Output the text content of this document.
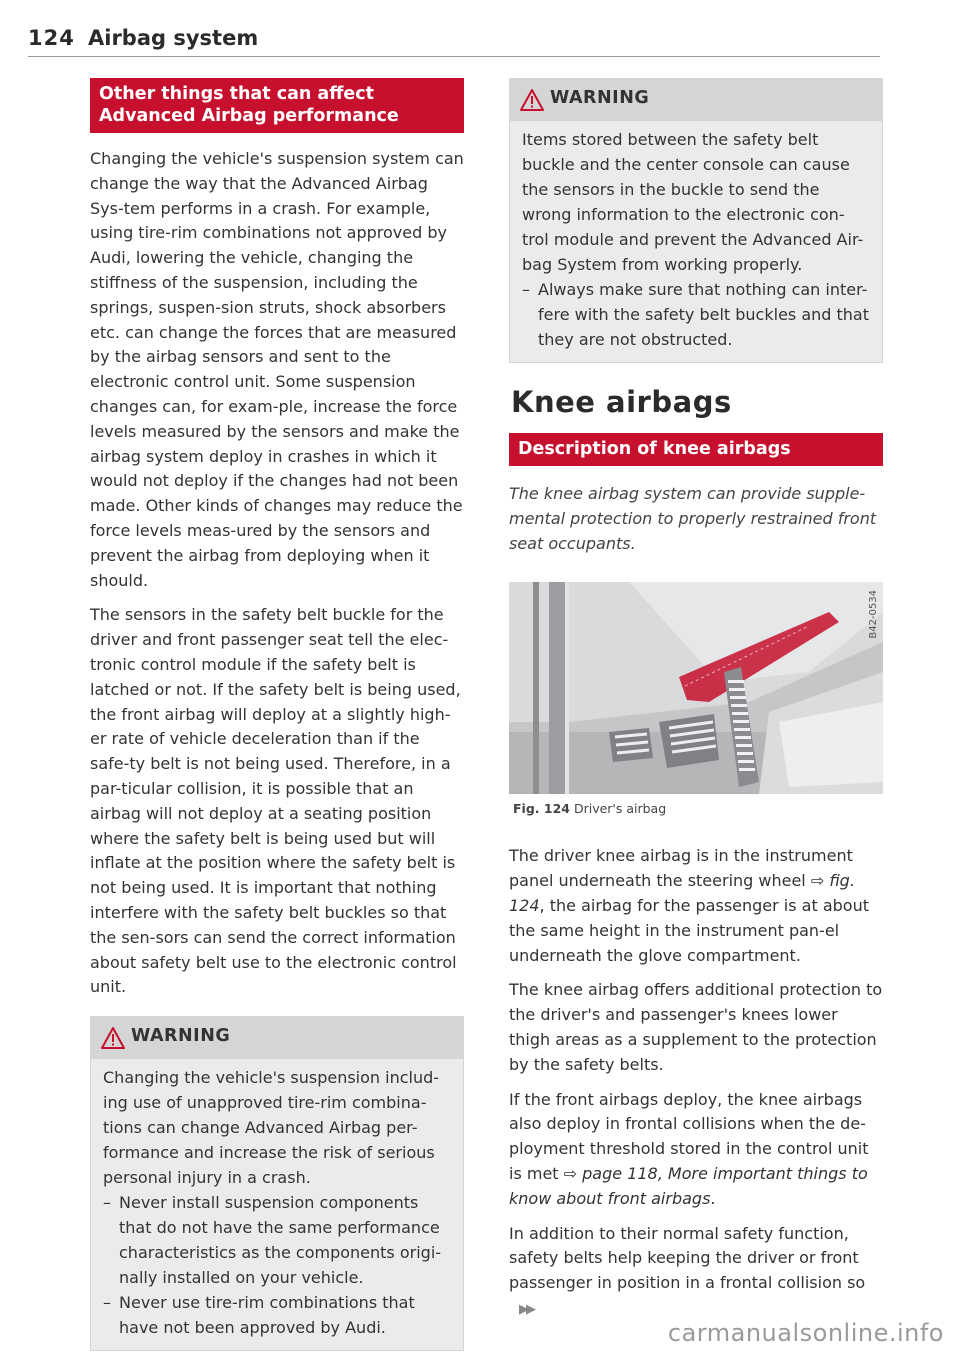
124 Airbag system
Other things that can affect Advanced Airbag performance

Changing the vehicle's suspension system can change the way that the Advanced Airbag Sys-tem performs in a crash. For example, using tire-rim combinations not approved by Audi, lowering the vehicle, changing the stiffness of the suspension, including the springs, suspen-sion struts, shock absorbers etc. can change the forces that are measured by the airbag sensors and sent to the electronic control unit. Some suspension changes can, for exam-ple, increase the force levels measured by the sensors and make the airbag system deploy in crashes in which it would not deploy if the changes had not been made. Other kinds of changes may reduce the force levels meas-ured by the sensors and prevent the airbag from deploying when it should.

The sensors in the safety belt buckle for the driver and front passenger seat tell the elec-tronic control module if the safety belt is latched or not. If the safety belt is being used, the front airbag will deploy at a slightly high-er rate of vehicle deceleration than if the safe-ty belt is not being used. Therefore, in a par-ticular collision, it is possible that an airbag will not deploy at a seating position where the safety belt is being used but will inflate at the position where the safety belt is not being used. It is important that nothing interfere with the safety belt buckles so that the sen-sors can send the correct information about safety belt use to the electronic control unit.

WARNING

Changing the vehicle's suspension includ-ing use of unapproved tire-rim combina-tions can change Advanced Airbag per-formance and increase the risk of serious personal injury in a crash.

– Never install suspension components that do not have the same performance characteristics as the components origi-nally installed on your vehicle.
– Never use tire-rim combinations that have not been approved by Audi.
WARNING

Items stored between the safety belt buckle and the center console can cause the sensors in the buckle to send the wrong information to the electronic con-trol module and prevent the Advanced Air-bag System from working properly.

– Always make sure that nothing can inter-fere with the safety belt buckles and that they are not obstructed.
Knee airbags
Description of knee airbags
The knee airbag system can provide supple-mental protection to properly restrained front seat occupants.
B42-0534
Fig. 124 Driver's airbag

The driver knee airbag is in the instrument panel underneath the steering wheel ⇨ fig. 124, the airbag for the passenger is at about the same height in the instrument pan-el underneath the glove compartment.

The knee airbag offers additional protection to the driver's and passenger's knees lower thigh areas as a supplement to the protection by the safety belts.

If the front airbags deploy, the knee airbags also deploy in frontal collisions when the de-ployment threshold stored in the control unit is met ⇨ page 118, More important things to know about front airbags.

In addition to their normal safety function, safety belts help keeping the driver or front passenger in position in a frontal collision so▶▶

carmanualsonline.info
